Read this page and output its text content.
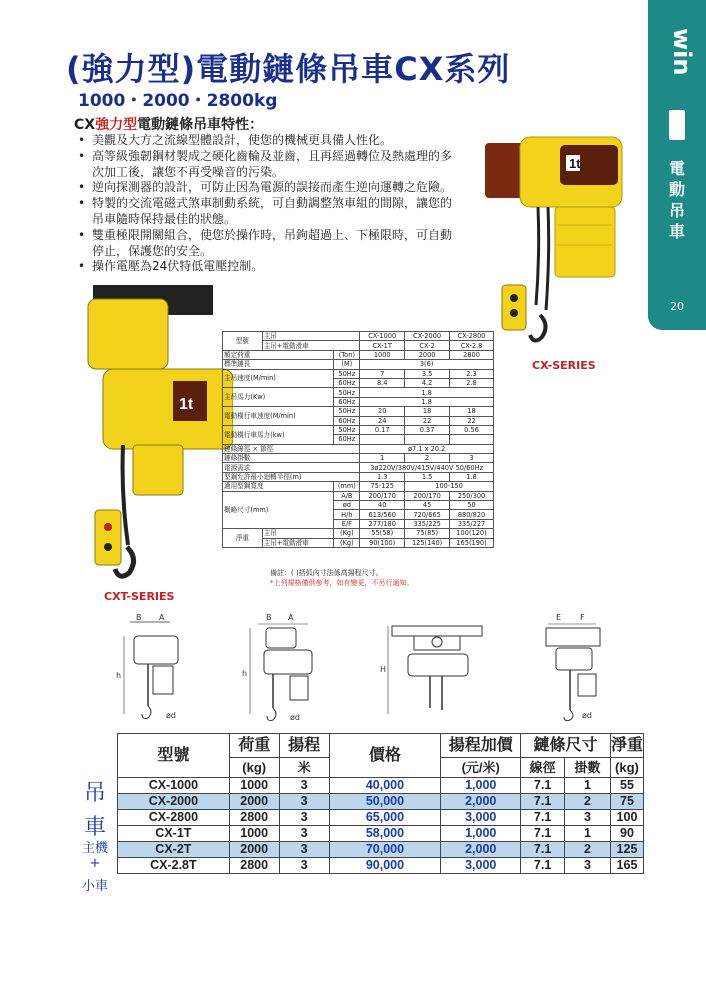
win
電
動
吊
車
20
(強力型)電動鏈條吊車CX系列
1000・2000・2800kg
CX強力型電動鏈條吊車特性：
• 美觀及大方之流線型體設計，使您的機械更具備人性化。
• 高等級強韌鋼材製成之硬化齒輪及並齒，且再經過轉位及熱處理的多次加工後，讓您不再受噪音的污染。
• 逆向探測器的設計，可防止因為電源的誤接而產生逆向運轉之危險。
• 特製的交流電磁式煞車制動系統，可自動調整煞車組的間隙，讓您的吊車隨時保持最佳的狀態。
• 雙重極限開關組合，使您於操作時，吊鉤超過上、下極限時，可自動停止，保護您的安全。
• 操作電壓為24伏特低電壓控制。
1t
CX-SERIES
1t
CXT-SERIES
型號	主吊		CX-1000	CX-2000	CX-2800
	主吊+電動滑車		CX-1T	CX-2	CX-2.8
額定荷重		(Ton)	1000	2000	2800
標準鏈長		(M)	3(6)		
主吊速度(M/min)		50Hz	7	3.5	2.3
		60Hz	8.4	4.2	2.8
主吊馬力(Kw)		50Hz	1.8		
		60Hz	1.8		
電動橫行車速度(M/min)		50Hz	20	18	18
		60Hz	24	22	22
電動橫行車馬力(kw)		50Hz	0.17	0.37	0.56
		60Hz			
鏈條線徑 × 節徑			ø7.1 x 20.2		
鏈條掛數			1	2	3
電源需求			3ø220V/380V/415V/440V 50/60Hz		
型鋼允許最小迴轉半徑(m)			1.3	1.5	1.8
適用型鋼寬度		(mm)	75-125	100-150	
概略尺寸(mm)		A/B	200/170	200/170	250/300
		ød	40	45	50
		H/h	613/560	720/665	880/820
		E/F	277/180	335/225	335/227
淨重	主吊	(Kg)	55(58)	75(85)	100(120)
	主吊+電動滑車	(Kg)	90(100)	125(140)	165(190)
備註：( )括弧內寸法係高揚程尺寸。
*上列規格僅供參考，如有變更，不另行通知。
B A
h
ød
B A
h
ød
H
E F
ød
吊
車
主機
+
小車
型號	荷重	揚程	價格	揚程加價	鏈條尺寸		淨重
	(kg)	米		(元/米)	線徑	掛數	(kg)
CX-1000	1000	3	40,000	1,000	7.1	1	55
CX-2000	2000	3	50,000	2,000	7.1	2	75
CX-2800	2800	3	65,000	3,000	7.1	3	100
CX-1T	1000	3	58,000	1,000	7.1	1	90
CX-2T	2000	3	70,000	2,000	7.1	2	125
CX-2.8T	2800	3	90,000	3,000	7.1	3	165
